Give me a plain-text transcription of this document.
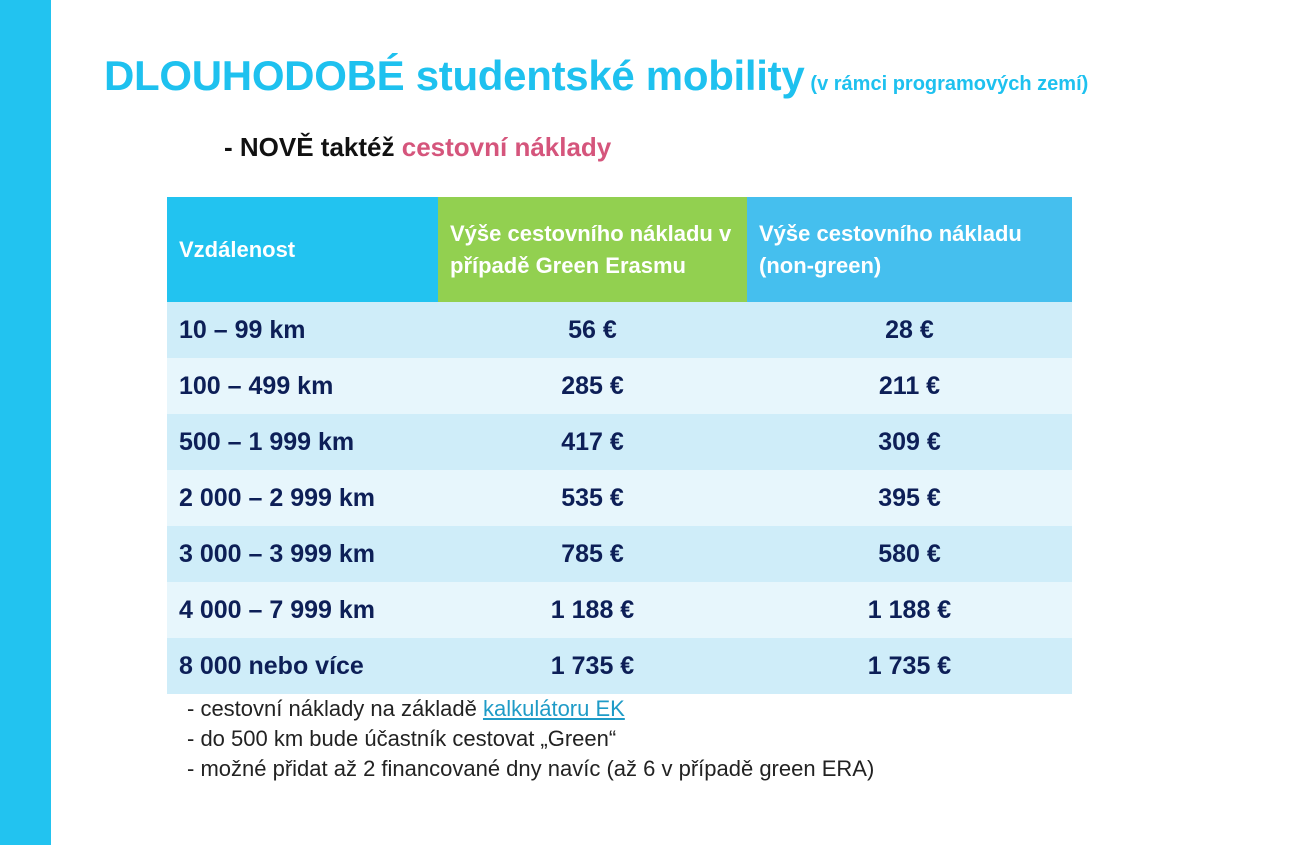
DLOUHODOBÉ studentské mobility (v rámci programových zemí)
- NOVĚ taktéž cestovní náklady
Vzdálenost	Výše cestovního nákladu v případě Green Erasmu	Výše cestovního nákladu (non-green)
10 – 99 km	56 €	28 €
100 – 499 km	285 €	211 €
500 – 1 999 km	417 €	309 €
2 000 – 2 999 km	535 €	395 €
3 000 – 3 999 km	785 €	580 €
4 000 – 7 999 km	1 188 €	1 188 €
8 000 nebo více	1 735 €	1 735 €
- cestovní náklady na základě kalkulátoru EK
- do 500 km bude účastník cestovat „Green“
- možné přidat až 2 financované dny navíc (až 6 v případě green ERA)
